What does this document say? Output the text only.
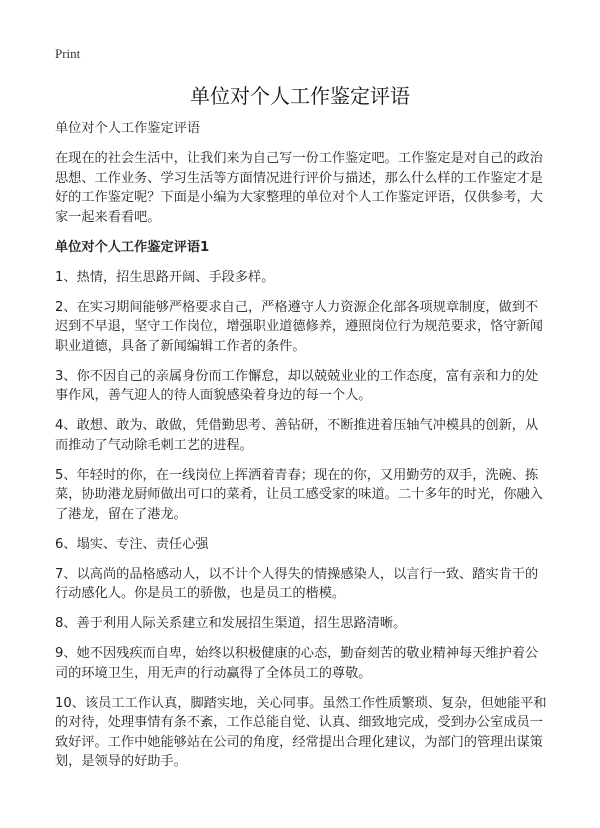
Print
单位对个人工作鉴定评语

单位对个人工作鉴定评语

在现在的社会生活中，让我们来为自己写一份工作鉴定吧。工作鉴定是对自己的政治思想、工作业务、学习生活等方面情况进行评价与描述，那么什么样的工作鉴定才是好的工作鉴定呢？下面是小编为大家整理的单位对个人工作鉴定评语，仅供参考，大家一起来看看吧。

单位对个人工作鉴定评语1

1、热情，招生思路开阔、手段多样。

2、在实习期间能够严格要求自己，严格遵守人力资源企化部各项规章制度，做到不迟到不早退，坚守工作岗位，增强职业道德修养，遵照岗位行为规范要求，恪守新闻职业道德，具备了新闻编辑工作者的条件。

3、你不因自己的亲属身份而工作懈怠，却以兢兢业业的工作态度，富有亲和力的处事作风，善气迎人的待人面貌感染着身边的每一个人。

4、敢想、敢为、敢做，凭借勤思考、善钻研，不断推进着压轴气冲模具的创新，从而推动了气动除毛刺工艺的进程。

5、年轻时的你，在一线岗位上挥洒着青春；现在的你，又用勤劳的双手，洗碗、拣菜，协助港龙厨师做出可口的菜肴，让员工感受家的味道。二十多年的时光，你融入了港龙，留在了港龙。

6、塌实、专注、责任心强

7、以高尚的品格感动人，以不计个人得失的情操感染人，以言行一致、踏实肯干的行动感化人。你是员工的骄傲，也是员工的楷模。

8、善于利用人际关系建立和发展招生渠道，招生思路清晰。

9、她不因残疾而自卑，始终以积极健康的心态，勤奋刻苦的敬业精神每天维护着公司的环境卫生，用无声的行动赢得了全体员工的尊敬。

10、该员工工作认真，脚踏实地，关心同事。虽然工作性质繁琐、复杂，但她能平和的对待，处理事情有条不紊，工作总能自觉、认真、细致地完成，受到办公室成员一致好评。工作中她能够站在公司的角度，经常提出合理化建议，为部门的管理出谋策划，是领导的好助手。
